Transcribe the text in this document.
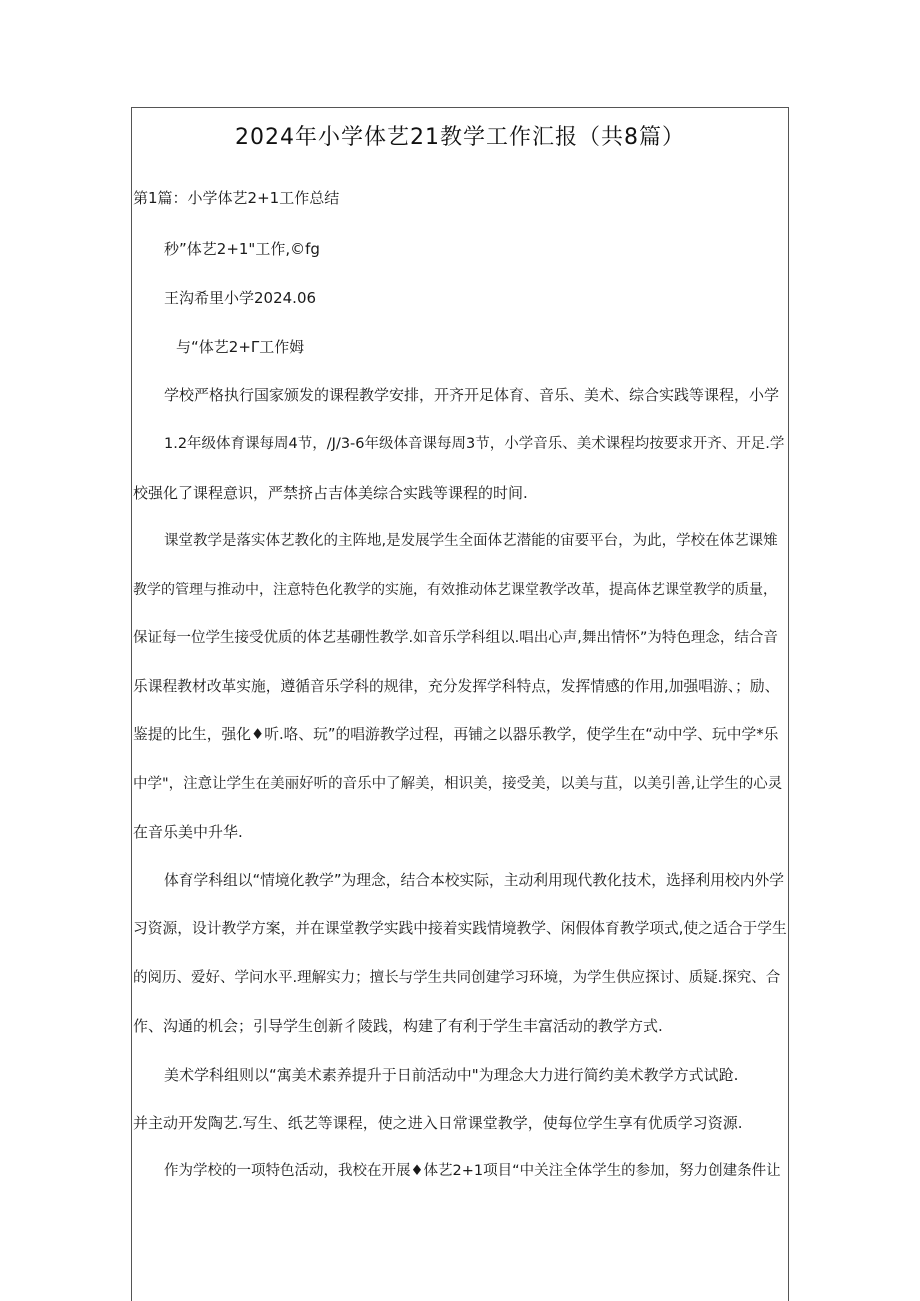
2024年小学体艺21教学工作汇报（共8篇）
第1篇：小学体艺2+1工作总结
秒”体艺2+1"工作,©fg
王沟希里小学2024.06
与“体艺2+Γ工作姆
学校严格执行国家颁发的课程教学安排，开齐开足体育、音乐、美术、综合实践等课程，小学
1.2年级体育课每周4节，/J/3-6年级体音课每周3节，小学音乐、美术课程均按要求开齐、开足.学
校强化了课程意识，严禁挤占吉体美综合实践等课程的时间.
课堂教学是落实体艺教化的主阵地,是发展学生全面体艺潜能的宙要平台，为此，学校在体艺课雉
教学的管理与推动中，注意特色化教学的实施，有效推动体艺课堂教学改革，提高体艺课堂教学的质量，
保证每一位学生接受优质的体艺基硼性教学.如音乐学科组以.唱出心声,舞出情怀”为特色理念，结合音
乐课程教材改革实施，遵循音乐学科的规律，充分发挥学科特点，发挥情感的作用,加强唱游、；励、
鉴提的比生，强化♦听.咯、玩”的唱游教学过程，再铺之以器乐教学，使学生在“动中学、玩中学*乐
中学"，注意让学生在美丽好听的音乐中了解美，相识美，接受美，以美与苴，以美引善,让学生的心灵
在音乐美中升华.
体育学科组以“情境化教学”为理念，结合本校实际，主动利用现代教化技术，选择利用校内外学
习资源，设计教学方案，并在课堂教学实践中接着实践情境教学、闲假体育教学项式,使之适合于学生
的阅历、爱好、学问水平.理解实力；擅长与学生共同创建学习环境，为学生供应探讨、质疑.探究、合
作、沟通的机会；引导学生创新彳陵践，构建了有利于学生丰富活动的教学方式.
美术学科组则以“寓美术素养提升于日前活动中"为理念大力进行简约美术教学方式试跄.
并主动开发陶艺.写生、纸艺等课程，使之进入日常课堂教学，使每位学生享有优质学习资源.
作为学校的一项特色活动，我校在开展♦体艺2+1项目“中关注全体学生的参加，努力创建条件让
